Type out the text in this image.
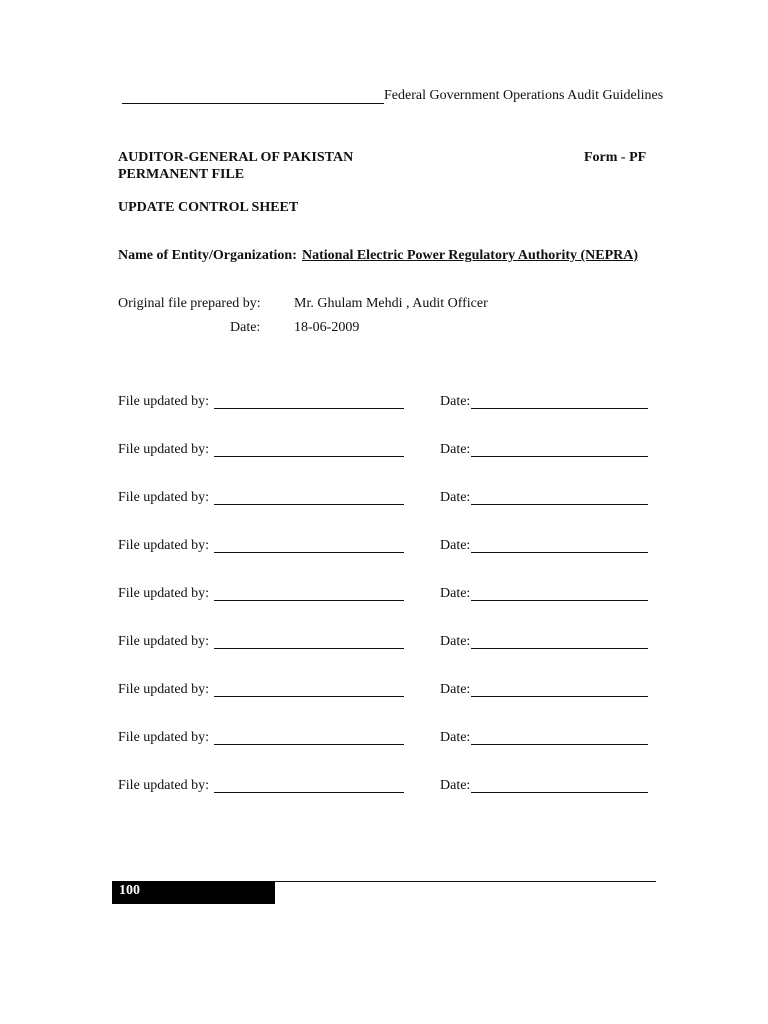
Federal Government Operations Audit Guidelines
AUDITOR-GENERAL OF PAKISTAN	Form - PF
PERMANENT FILE
UPDATE CONTROL SHEET
Name of Entity/Organization: National Electric Power Regulatory Authority (NEPRA)
Original file prepared by: Mr. Ghulam Mehdi , Audit Officer
Date: 18-06-2009
File updated by:	Date:
File updated by:	Date:
File updated by:	Date:
File updated by:	Date:
File updated by:	Date:
File updated by:	Date:
File updated by:	Date:
File updated by:	Date:
File updated by:	Date:
100
